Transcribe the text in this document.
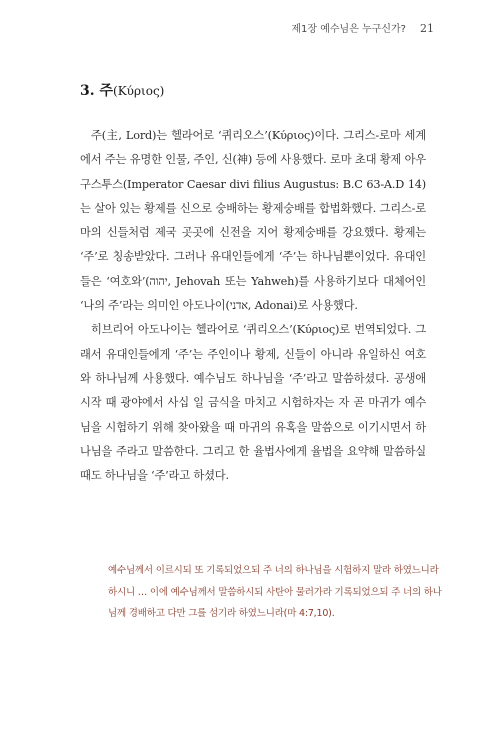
제1장 예수님은 누구신가? 21
3. 주(Κύριος)

주(主, Lord)는 헬라어로 ‘퀴리오스’(Κύριος)이다. 그리스-로마 세계에서 주는 유명한 인물, 주인, 신(神) 등에 사용했다. 로마 초대 황제 아우구스투스(Imperator Caesar divi filius Augustus: B.C 63-A.D 14)는 살아 있는 황제를 신으로 숭배하는 황제숭배를 합법화했다. 그리스-로마의 신들처럼 제국 곳곳에 신전을 지어 황제숭배를 강요했다. 황제는 ‘주’로 칭송받았다. 그러나 유대인들에게 ‘주’는 하나님뿐이었다. 유대인들은 ‘여호와’(יהוה, Jehovah 또는 Yahweh)를 사용하기보다 대체어인 ‘나의 주’라는 의미인 아도나이(אדני, Adonai)로 사용했다.

히브리어 아도나이는 헬라어로 ‘퀴리오스’(Κύριος)로 번역되었다. 그래서 유대인들에게 ‘주’는 주인이나 황제, 신들이 아니라 유일하신 여호와 하나님께 사용했다. 예수님도 하나님을 ‘주’라고 말씀하셨다. 공생애 시작 때 광야에서 사십 일 금식을 마치고 시험하자는 자 곧 마귀가 예수님을 시험하기 위해 찾아왔을 때 마귀의 유혹을 말씀으로 이기시면서 하나님을 주라고 말씀한다. 그리고 한 율법사에게 율법을 요약해 말씀하실 때도 하나님을 ‘주’라고 하셨다.

예수님께서 이르시되 또 기록되었으되 주 너의 하나님을 시험하지 말라 하였느니라 하시니 … 이에 예수님께서 말씀하시되 사탄아 물러가라 기록되었으되 주 너의 하나님께 경배하고 다만 그를 섬기라 하였느니라(마 4:7,10).
